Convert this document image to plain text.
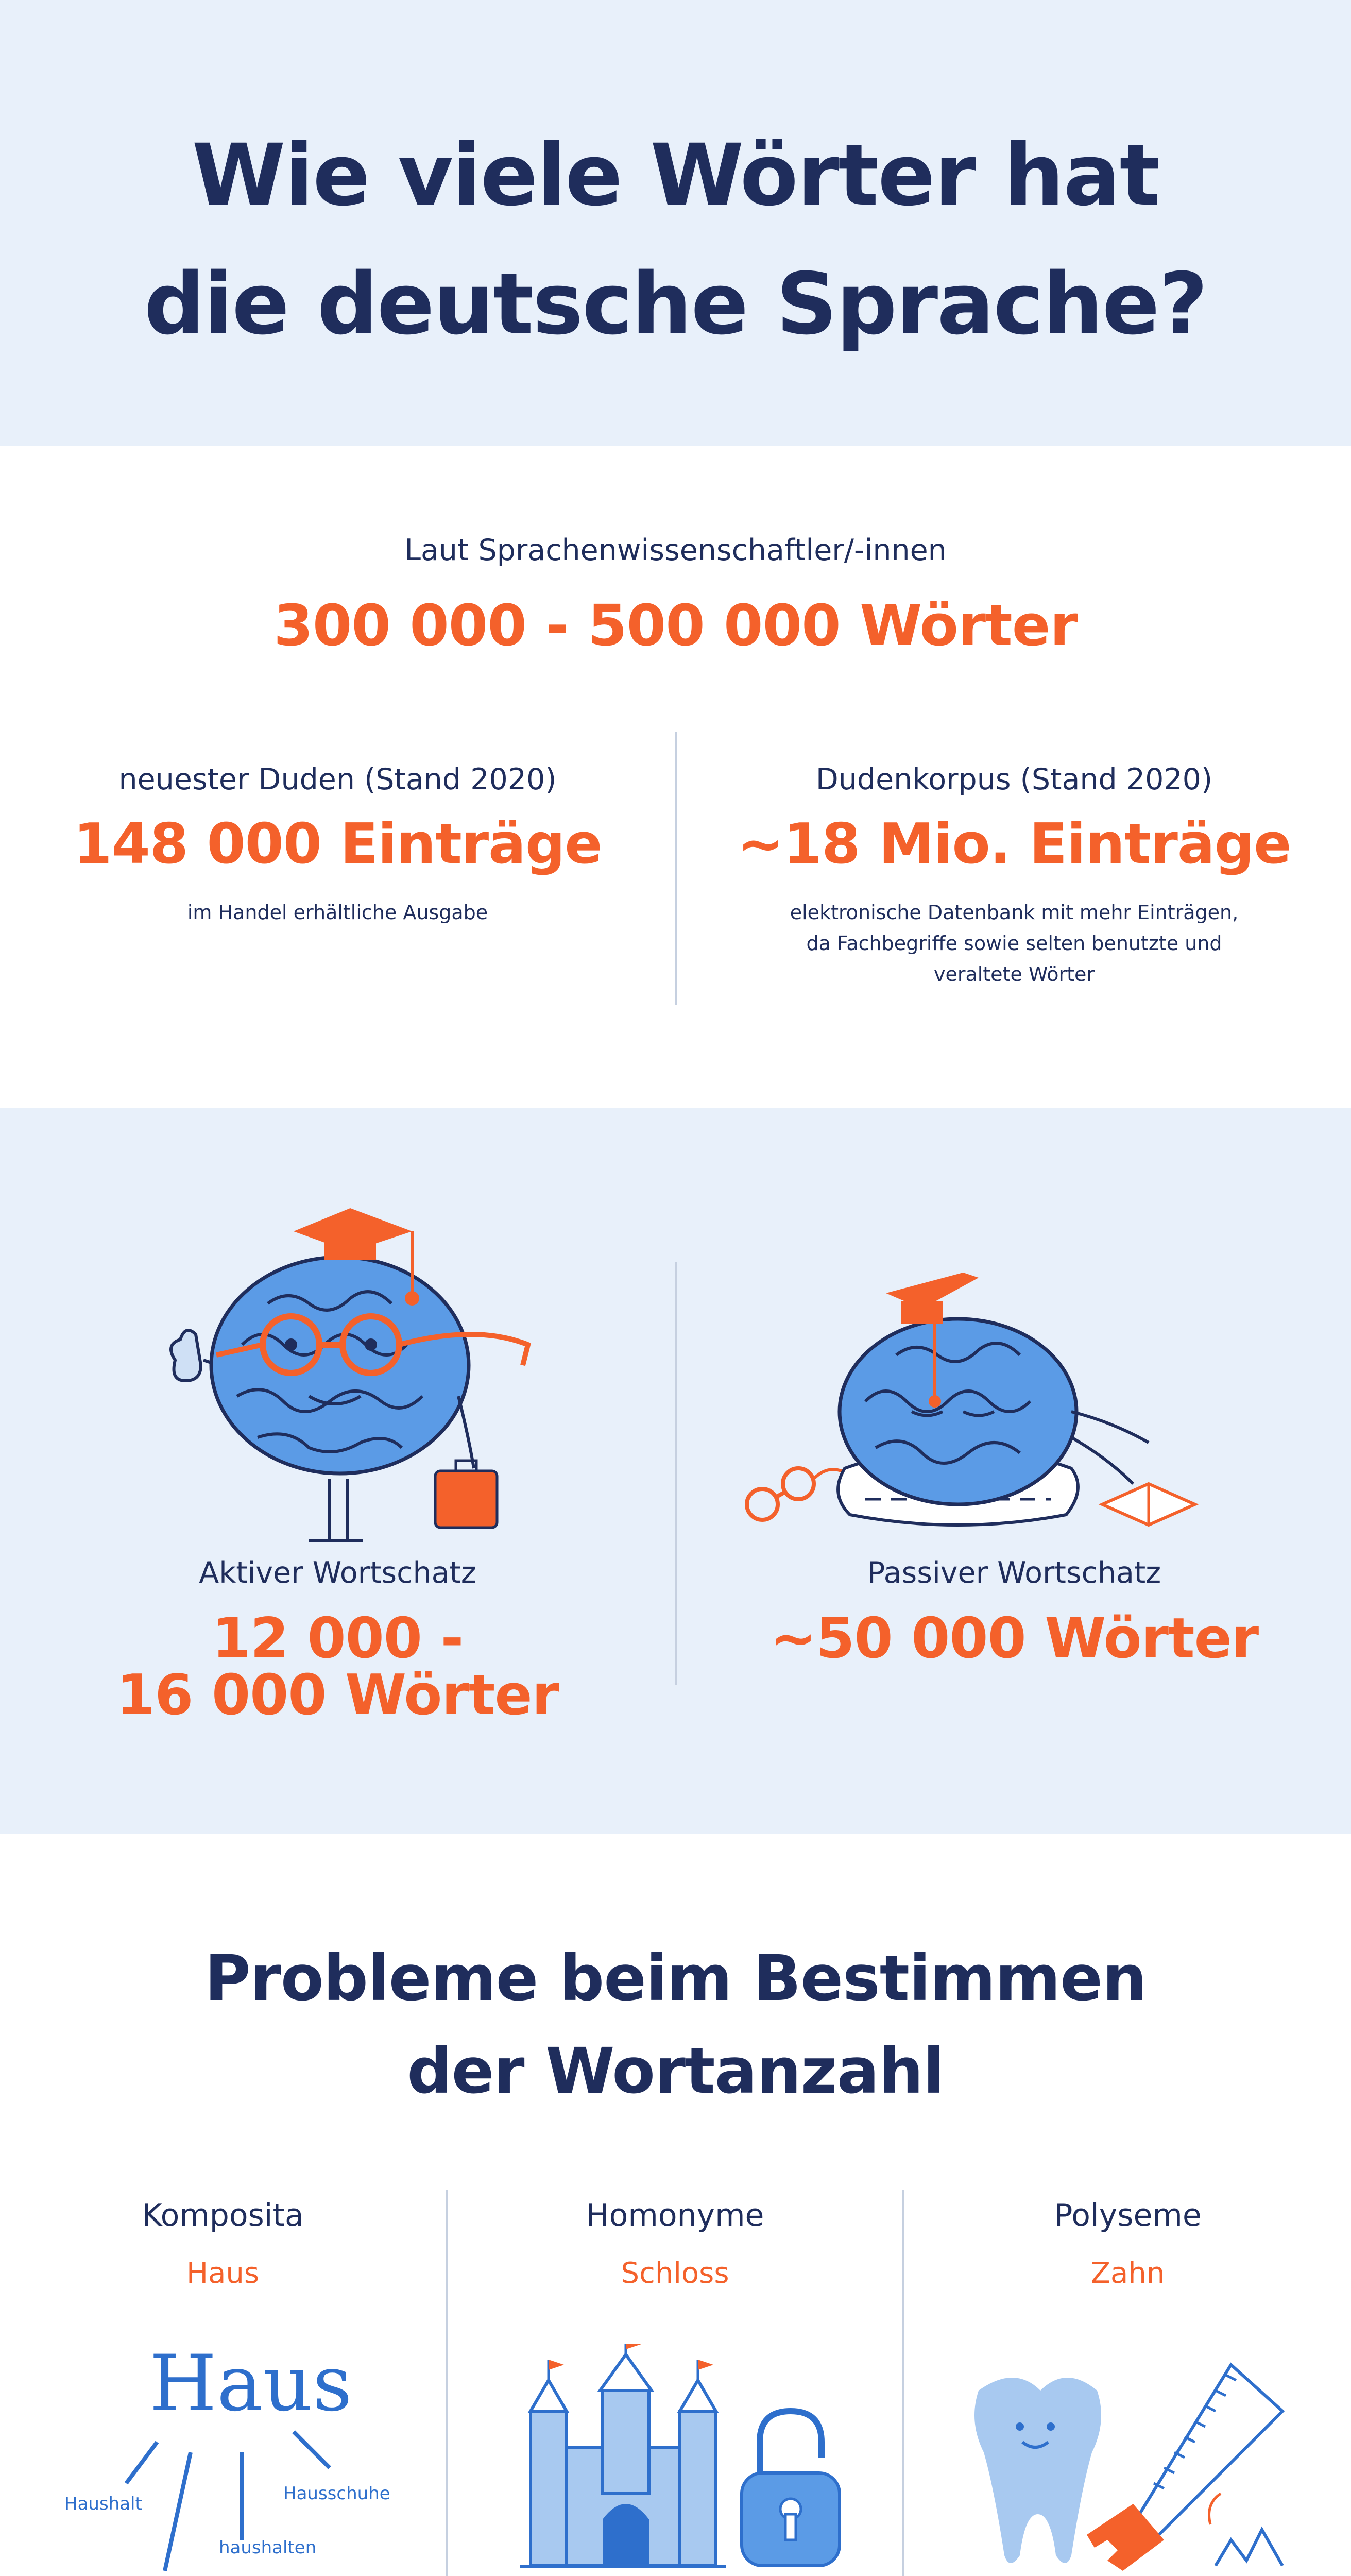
Wie viele Wörter hat
die deutsche Sprache?
Laut Sprachenwissenschaftler/-innen
300 000 - 500 000 Wörter
neuester Duden (Stand 2020)
148 000 Einträge
im Handel erhältliche Ausgabe
Dudenkorpus (Stand 2020)
~18 Mio. Einträge
elektronische Datenbank mit mehr Einträgen,
da Fachbegriffe sowie selten benutzte und
veraltete Wörter
Aktiver Wortschatz
12 000 -
16 000 Wörter
Passiver Wortschatz
~50 000 Wörter
Probleme beim Bestimmen
der Wortanzahl
Komposita
Haus
Homonyme
Schloss
Polyseme
Zahn
Haus
Haushalt	Hausschuhe
haushalten
